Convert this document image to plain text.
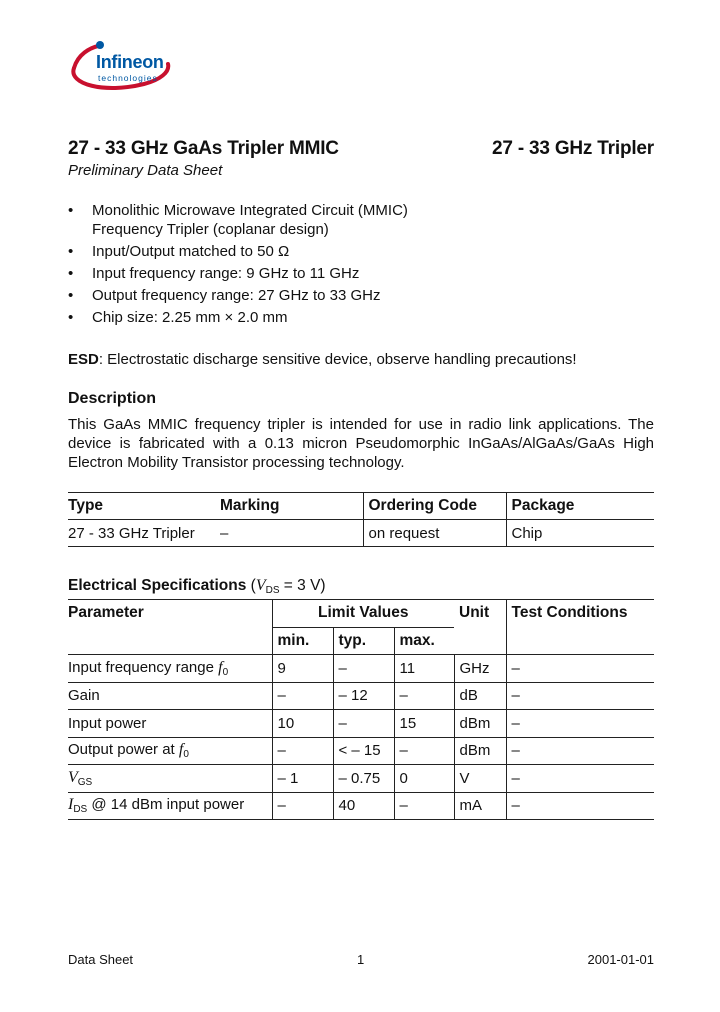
Infineon
technologies
27 - 33 GHz GaAs Tripler MMIC	27 - 33 GHz Tripler
Preliminary Data Sheet
• Monolithic Microwave Integrated Circuit (MMIC)
Frequency Tripler (coplanar design)
• Input/Output matched to 50 Ω
• Input frequency range: 9 GHz to 11 GHz
• Output frequency range: 27 GHz to 33 GHz
• Chip size: 2.25 mm × 2.0 mm
ESD: Electrostatic discharge sensitive device, observe handling precautions!
Description
This GaAs MMIC frequency tripler is intended for use in radio link applications. The device is fabricated with a 0.13 micron Pseudomorphic InGaAs/AlGaAs/GaAs High Electron Mobility Transistor processing technology.
Type	Marking	Ordering Code	Package
27 - 33 GHz Tripler	–	on request	Chip
Electrical Specifications ($V_{DS} = 3$ V)
Parameter	Limit Values			Unit	Test Conditions
	min.	typ.	max.		
Input frequency range $f_0$	9	–	11	GHz	–
Gain	–	– 12	–	dB	–
Input power	10	–	15	dBm	–
Output power at $f_0$	–	< – 15	–	dBm	–
$V_{GS}$	– 1	– 0.75	0	V	–
$I_{DS}$ @ 14 dBm input power	–	40	–	mA	–
Data Sheet	1	2001-01-01
